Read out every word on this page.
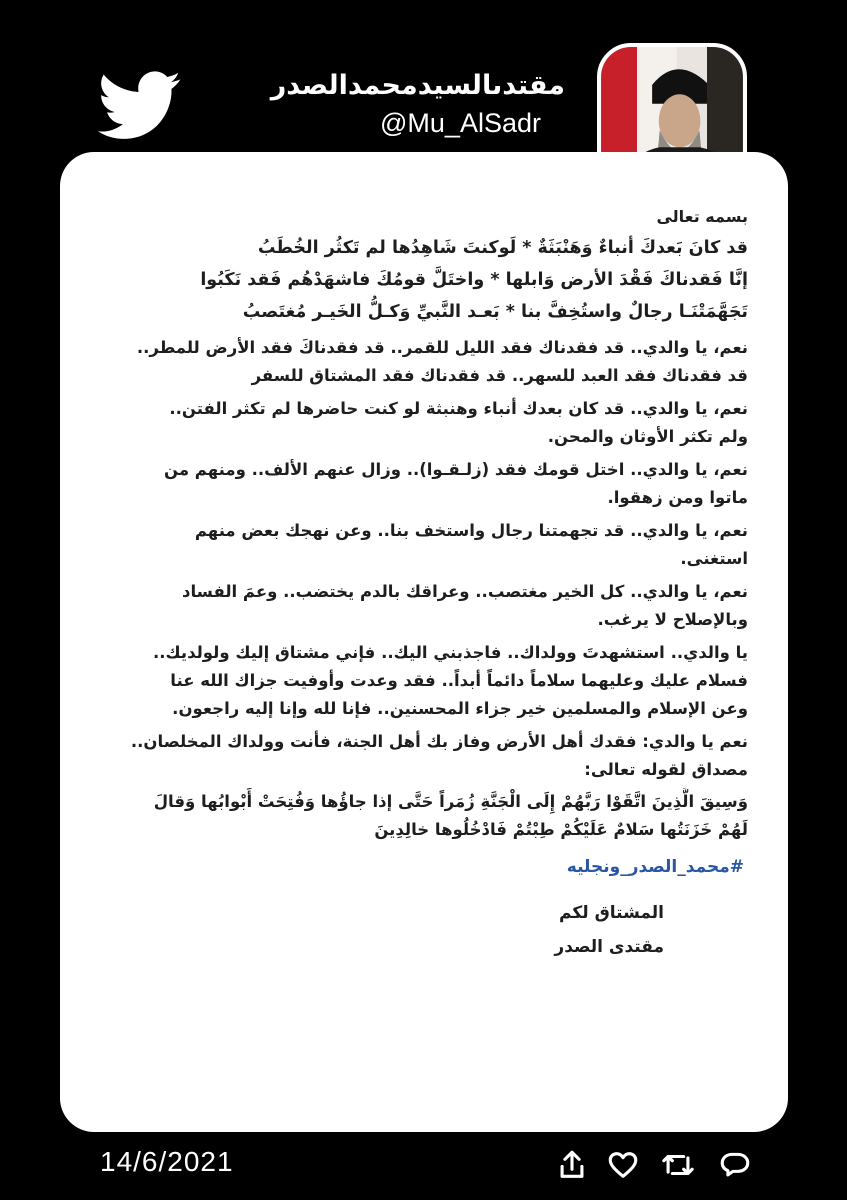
مقتدىالسيدمحمدالصدر
@Mu_AlSadr
بسمه تعالى
قد كانَ بَعدكَ أنباءٌ وَهَنْبَثَةٌ * لَوكنتَ شَاهِدُها لم تَكثُر الخُطَبُ
إنَّا فَقدناكَ فَقْدَ الأرض وَابلها * واختَلَّ قومُكَ فاشهَدْهُم فَقد نَكَبُوا
تَجَهَّمَتْنَـا رجالٌ واستُخِفَّ بنا * بَعـد النَّبيِّ وَكـلُّ الخَيـر مُغتَصبُ
نعم، يا والدي.. قد فقدناك فقد الليل للقمر.. قد فقدناكَ فقد الأرض للمطر..
قد فقدناك فقد العبد للسهر.. قد فقدناك فقد المشتاق للسفر
نعم، يا والدي.. قد كان بعدك أنباء وهنبثة لو كنت حاضرها لم تكثر الفتن..
ولم تكثر الأوثان والمحن.
نعم، يا والدي.. اختل قومك فقد (زلـقـوا).. وزال عنهم الألف.. ومنهم من
ماتوا ومن زهقوا.
نعم، يا والدي.. قد تجهمتنا رجال واستخف بنا.. وعن نهجك بعض منهم
استغنى.
نعم، يا والدي.. كل الخير مغتصب.. وعراقك بالدم يختضب.. وعمَ الفساد
وبالإصلاح لا يرغب.
يا والدي.. استشهدتَ وولداك.. فاجذبني اليك.. فإني مشتاق إليك ولولديك..
فسلام عليك وعليهما سلاماً دائماً أبداً.. فقد وعدت وأوفيت جزاك الله عنا
وعن الإسلام والمسلمين خير جزاء المحسنين.. فإنا لله وإنا إليه راجعون.
نعم يا والدي: فقدك أهل الأرض وفاز بك أهل الجنة، فأنت وولداك المخلصان..
مصداق لقوله تعالى:
وَسِيقَ الَّذِينَ اتَّقَوْا رَبَّهُمْ إِلَى الْجَنَّةِ زُمَراً حَتَّى إذا جاؤُها وَفُتِحَتْ أَبْوابُها وَقالَ
لَهُمْ خَزَنَتُها سَلامٌ عَلَيْكُمْ طِبْتُمْ فَادْخُلُوها خالِدِينَ
#محمد_الصدر_ونجليه
المشتاق لكم
مقتدى الصدر
14/6/2021
